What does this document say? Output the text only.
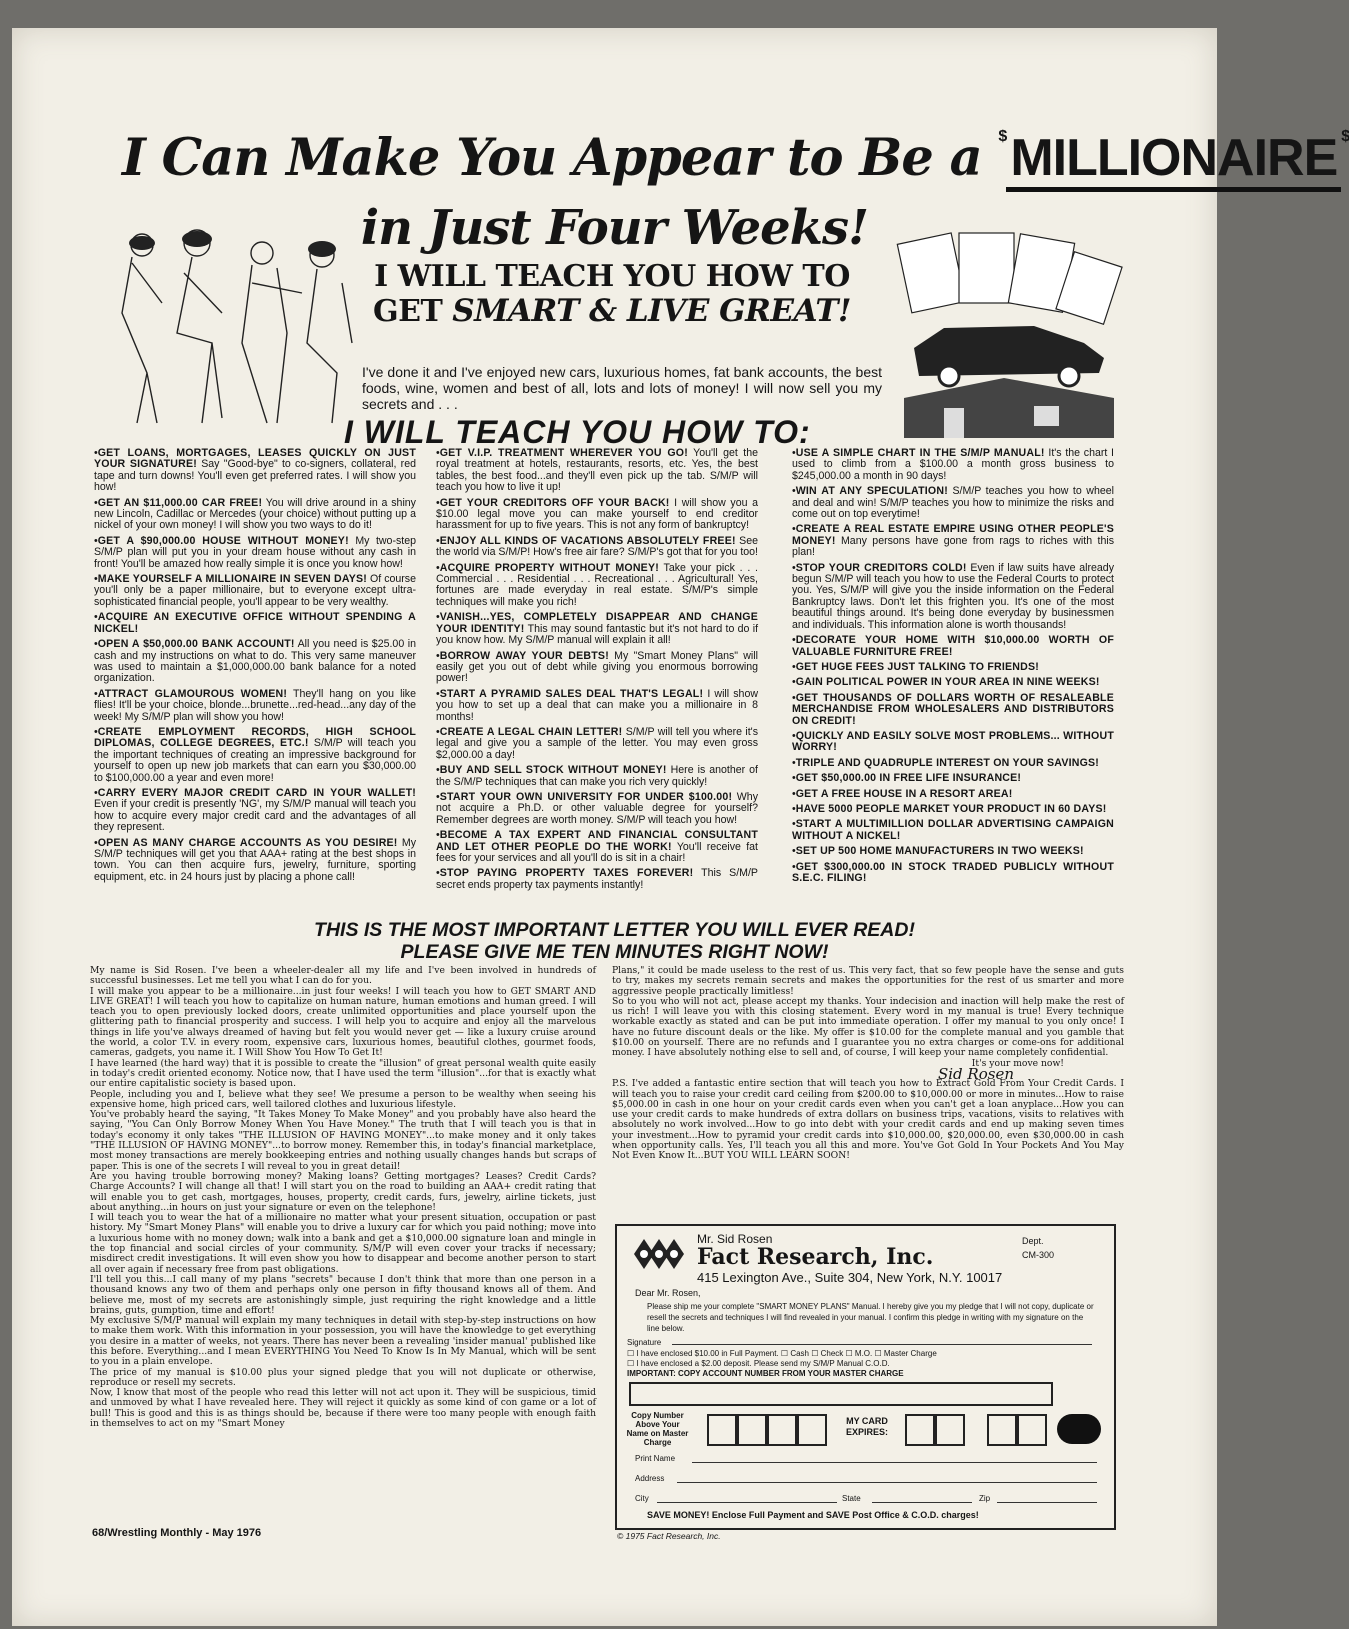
I Can Make You Appear to Be a $MILLIONAIRE $
in Just Four Weeks!
I WILL TEACH YOU HOW TO
GET SMART & LIVE GREAT!
I've done it and I've enjoyed new cars, luxurious homes, fat bank accounts, the best foods, wine, women and best of all, lots and lots of money! I will now sell you my secrets and . . .
I WILL TEACH YOU HOW TO:
•GET LOANS, MORTGAGES, LEASES QUICKLY ON JUST YOUR SIGNATURE! Say "Good-bye" to co-signers, collateral, red tape and turn downs! You'll even get preferred rates. I will show you how!
•GET AN $11,000.00 CAR FREE! You will drive around in a shiny new Lincoln, Cadillac or Mercedes (your choice) without putting up a nickel of your own money! I will show you two ways to do it!
•GET A $90,000.00 HOUSE WITHOUT MONEY! My two-step S/M/P plan will put you in your dream house without any cash in front! You'll be amazed how really simple it is once you know how!
•MAKE YOURSELF A MILLIONAIRE IN SEVEN DAYS! Of course you'll only be a paper millionaire, but to everyone except ultra-sophisticated financial people, you'll appear to be very wealthy.
•ACQUIRE AN EXECUTIVE OFFICE WITHOUT SPENDING A NICKEL!
•OPEN A $50,000.00 BANK ACCOUNT! All you need is $25.00 in cash and my instructions on what to do. This very same maneuver was used to maintain a $1,000,000.00 bank balance for a noted organization.
•ATTRACT GLAMOUROUS WOMEN! They'll hang on you like flies! It'll be your choice, blonde...brunette...red-head...any day of the week! My S/M/P plan will show you how!
•CREATE EMPLOYMENT RECORDS, HIGH SCHOOL DIPLOMAS, COLLEGE DEGREES, ETC.! S/M/P will teach you the important techniques of creating an impressive background for yourself to open up new job markets that can earn you $30,000.00 to $100,000.00 a year and even more!
•CARRY EVERY MAJOR CREDIT CARD IN YOUR WALLET! Even if your credit is presently 'NG', my S/M/P manual will teach you how to acquire every major credit card and the advantages of all they represent.
•OPEN AS MANY CHARGE ACCOUNTS AS YOU DESIRE! My S/M/P techniques will get you that AAA+ rating at the best shops in town. You can then acquire furs, jewelry, furniture, sporting equipment, etc. in 24 hours just by placing a phone call!
•GET V.I.P. TREATMENT WHEREVER YOU GO! You'll get the royal treatment at hotels, restaurants, resorts, etc. Yes, the best tables, the best food...and they'll even pick up the tab. S/M/P will teach you how to live it up!
•GET YOUR CREDITORS OFF YOUR BACK! I will show you a $10.00 legal move you can make yourself to end creditor harassment for up to five years. This is not any form of bankruptcy!
•ENJOY ALL KINDS OF VACATIONS ABSOLUTELY FREE! See the world via S/M/P! How's free air fare? S/M/P's got that for you too!
•ACQUIRE PROPERTY WITHOUT MONEY! Take your pick . . . Commercial . . . Residential . . . Recreational . . . Agricultural! Yes, fortunes are made everyday in real estate. S/M/P's simple techniques will make you rich!
•VANISH...YES, COMPLETELY DISAPPEAR AND CHANGE YOUR IDENTITY! This may sound fantastic but it's not hard to do if you know how. My S/M/P manual will explain it all!
•BORROW AWAY YOUR DEBTS! My "Smart Money Plans" will easily get you out of debt while giving you enormous borrowing power!
•START A PYRAMID SALES DEAL THAT'S LEGAL! I will show you how to set up a deal that can make you a millionaire in 8 months!
•CREATE A LEGAL CHAIN LETTER! S/M/P will tell you where it's legal and give you a sample of the letter. You may even gross $2,000.00 a day!
•BUY AND SELL STOCK WITHOUT MONEY! Here is another of the S/M/P techniques that can make you rich very quickly!
•START YOUR OWN UNIVERSITY FOR UNDER $100.00! Why not acquire a Ph.D. or other valuable degree for yourself? Remember degrees are worth money. S/M/P will teach you how!
•BECOME A TAX EXPERT AND FINANCIAL CONSULTANT AND LET OTHER PEOPLE DO THE WORK! You'll receive fat fees for your services and all you'll do is sit in a chair!
•STOP PAYING PROPERTY TAXES FOREVER! This S/M/P secret ends property tax payments instantly!
•USE A SIMPLE CHART IN THE S/M/P MANUAL! It's the chart I used to climb from a $100.00 a month gross business to $245,000.00 a month in 90 days!
•WIN AT ANY SPECULATION! S/M/P teaches you how to wheel and deal and win! S/M/P teaches you how to minimize the risks and come out on top everytime!
•CREATE A REAL ESTATE EMPIRE USING OTHER PEOPLE'S MONEY! Many persons have gone from rags to riches with this plan!
•STOP YOUR CREDITORS COLD! Even if law suits have already begun S/M/P will teach you how to use the Federal Courts to protect you. Yes, S/M/P will give you the inside information on the Federal Bankruptcy laws. Don't let this frighten you. It's one of the most beautiful things around. It's being done everyday by businessmen and individuals. This information alone is worth thousands!
•DECORATE YOUR HOME WITH $10,000.00 WORTH OF VALUABLE FURNITURE FREE!
•GET HUGE FEES JUST TALKING TO FRIENDS!
•GAIN POLITICAL POWER IN YOUR AREA IN NINE WEEKS!
•GET THOUSANDS OF DOLLARS WORTH OF RESALEABLE MERCHANDISE FROM WHOLESALERS AND DISTRIBUTORS ON CREDIT!
•QUICKLY AND EASILY SOLVE MOST PROBLEMS... WITHOUT WORRY!
•TRIPLE AND QUADRUPLE INTEREST ON YOUR SAVINGS!
•GET $50,000.00 IN FREE LIFE INSURANCE!
•GET A FREE HOUSE IN A RESORT AREA!
•HAVE 5000 PEOPLE MARKET YOUR PRODUCT IN 60 DAYS!
•START A MULTIMILLION DOLLAR ADVERTISING CAMPAIGN WITHOUT A NICKEL!
•SET UP 500 HOME MANUFACTURERS IN TWO WEEKS!
•GET $300,000.00 IN STOCK TRADED PUBLICLY WITHOUT S.E.C. FILING!
THIS IS THE MOST IMPORTANT LETTER YOU WILL EVER READ!
PLEASE GIVE ME TEN MINUTES RIGHT NOW!

My name is Sid Rosen. I've been a wheeler-dealer all my life and I've been involved in hundreds of successful businesses. Let me tell you what I can do for you.

I will make you appear to be a millionaire...in just four weeks! I will teach you how to GET SMART AND LIVE GREAT! I will teach you how to capitalize on human nature, human emotions and human greed. I will teach you to open previously locked doors, create unlimited opportunities and place yourself upon the glittering path to financial prosperity and success. I will help you to acquire and enjoy all the marvelous things in life you've always dreamed of having but felt you would never get — like a luxury cruise around the world, a color T.V. in every room, expensive cars, luxurious homes, beautiful clothes, gourmet foods, cameras, gadgets, you name it. I Will Show You How To Get It!

I have learned (the hard way) that it is possible to create the "illusion" of great personal wealth quite easily in today's credit oriented economy. Notice now, that I have used the term "illusion"...for that is exactly what our entire capitalistic society is based upon.

People, including you and I, believe what they see! We presume a person to be wealthy when seeing his expensive home, high priced cars, well tailored clothes and luxurious lifestyle.

You've probably heard the saying, "It Takes Money To Make Money" and you probably have also heard the saying, "You Can Only Borrow Money When You Have Money." The truth that I will teach you is that in today's economy it only takes "THE ILLUSION OF HAVING MONEY"...to make money and it only takes "THE ILLUSION OF HAVING MONEY"...to borrow money. Remember this, in today's financial marketplace, most money transactions are merely bookkeeping entries and nothing usually changes hands but scraps of paper. This is one of the secrets I will reveal to you in great detail!

Are you having trouble borrowing money? Making loans? Getting mortgages? Leases? Credit Cards? Charge Accounts? I will change all that! I will start you on the road to building an AAA+ credit rating that will enable you to get cash, mortgages, houses, property, credit cards, furs, jewelry, airline tickets, just about anything...in hours on just your signature or even on the telephone!

I will teach you to wear the hat of a millionaire no matter what your present situation, occupation or past history. My "Smart Money Plans" will enable you to drive a luxury car for which you paid nothing; move into a luxurious home with no money down; walk into a bank and get a $10,000.00 signature loan and mingle in the top financial and social circles of your community. S/M/P will even cover your tracks if necessary; misdirect credit investigations. It will even show you how to disappear and become another person to start all over again if necessary free from past obligations.

I'll tell you this...I call many of my plans "secrets" because I don't think that more than one person in a thousand knows any two of them and perhaps only one person in fifty thousand knows all of them. And believe me, most of my secrets are astonishingly simple, just requiring the right knowledge and a little brains, guts, gumption, time and effort!

My exclusive S/M/P manual will explain my many techniques in detail with step-by-step instructions on how to make them work. With this information in your possession, you will have the knowledge to get everything you desire in a matter of weeks, not years. There has never been a revealing 'insider manual' published like this before. Everything...and I mean EVERYTHING You Need To Know Is In My Manual, which will be sent to you in a plain envelope.

The price of my manual is $10.00 plus your signed pledge that you will not duplicate or otherwise, reproduce or resell my secrets.

Now, I know that most of the people who read this letter will not act upon it. They will be suspicious, timid and unmoved by what I have revealed here. They will reject it quickly as some kind of con game or a lot of bull! This is good and this is as things should be, because if there were too many people with enough faith in themselves to act on my "Smart Money

Plans," it could be made useless to the rest of us. This very fact, that so few people have the sense and guts to try, makes my secrets remain secrets and makes the opportunities for the rest of us smarter and more aggressive people practically limitless!

So to you who will not act, please accept my thanks. Your indecision and inaction will help make the rest of us rich! I will leave you with this closing statement. Every word in my manual is true! Every technique workable exactly as stated and can be put into immediate operation. I offer my manual to you only once! I have no future discount deals or the like. My offer is $10.00 for the complete manual and you gamble that $10.00 on yourself. There are no refunds and I guarantee you no extra charges or come-ons for additional money. I have absolutely nothing else to sell and, of course, I will keep your name completely confidential.

It's your move now!

Sid Rosen

P.S. I've added a fantastic entire section that will teach you how to Extract Gold From Your Credit Cards. I will teach you to raise your credit card ceiling from $200.00 to $10,000.00 or more in minutes...How to raise $5,000.00 in cash in one hour on your credit cards even when you can't get a loan anyplace...How you can use your credit cards to make hundreds of extra dollars on business trips, vacations, visits to relatives with absolutely no work involved...How to go into debt with your credit cards and end up making seven times your investment...How to pyramid your credit cards into $10,000.00, $20,000.00, even $30,000.00 in cash when opportunity calls. Yes, I'll teach you all this and more. You've Got Gold In Your Pockets And You May Not Even Know It...BUT YOU WILL LEARN SOON!

Mr. Sid Rosen
Fact Research, Inc.
415 Lexington Ave., Suite 304, New York, N.Y. 10017
Dept.
CM-300
Dear Mr. Rosen,
Please ship me your complete "SMART MONEY PLANS" Manual. I hereby give you my pledge that I will not copy, duplicate or resell the secrets and techniques I will find revealed in your manual. I confirm this pledge in writing with my signature on the line below.
Signature
☐ I have enclosed $10.00 in Full Payment. ☐ Cash ☐ Check ☐ M.O. ☐ Master Charge
☐ I have enclosed a $2.00 deposit. Please send my S/M/P Manual C.O.D.
IMPORTANT: COPY ACCOUNT NUMBER FROM YOUR MASTER CHARGE
Copy Number Above Your Name on Master Charge
MY CARD EXPIRES:
Print Name
Address
City	State	Zip
SAVE MONEY! Enclose Full Payment and SAVE Post Office & C.O.D. charges!
© 1975 Fact Research, Inc.
68/Wrestling Monthly - May 1976
